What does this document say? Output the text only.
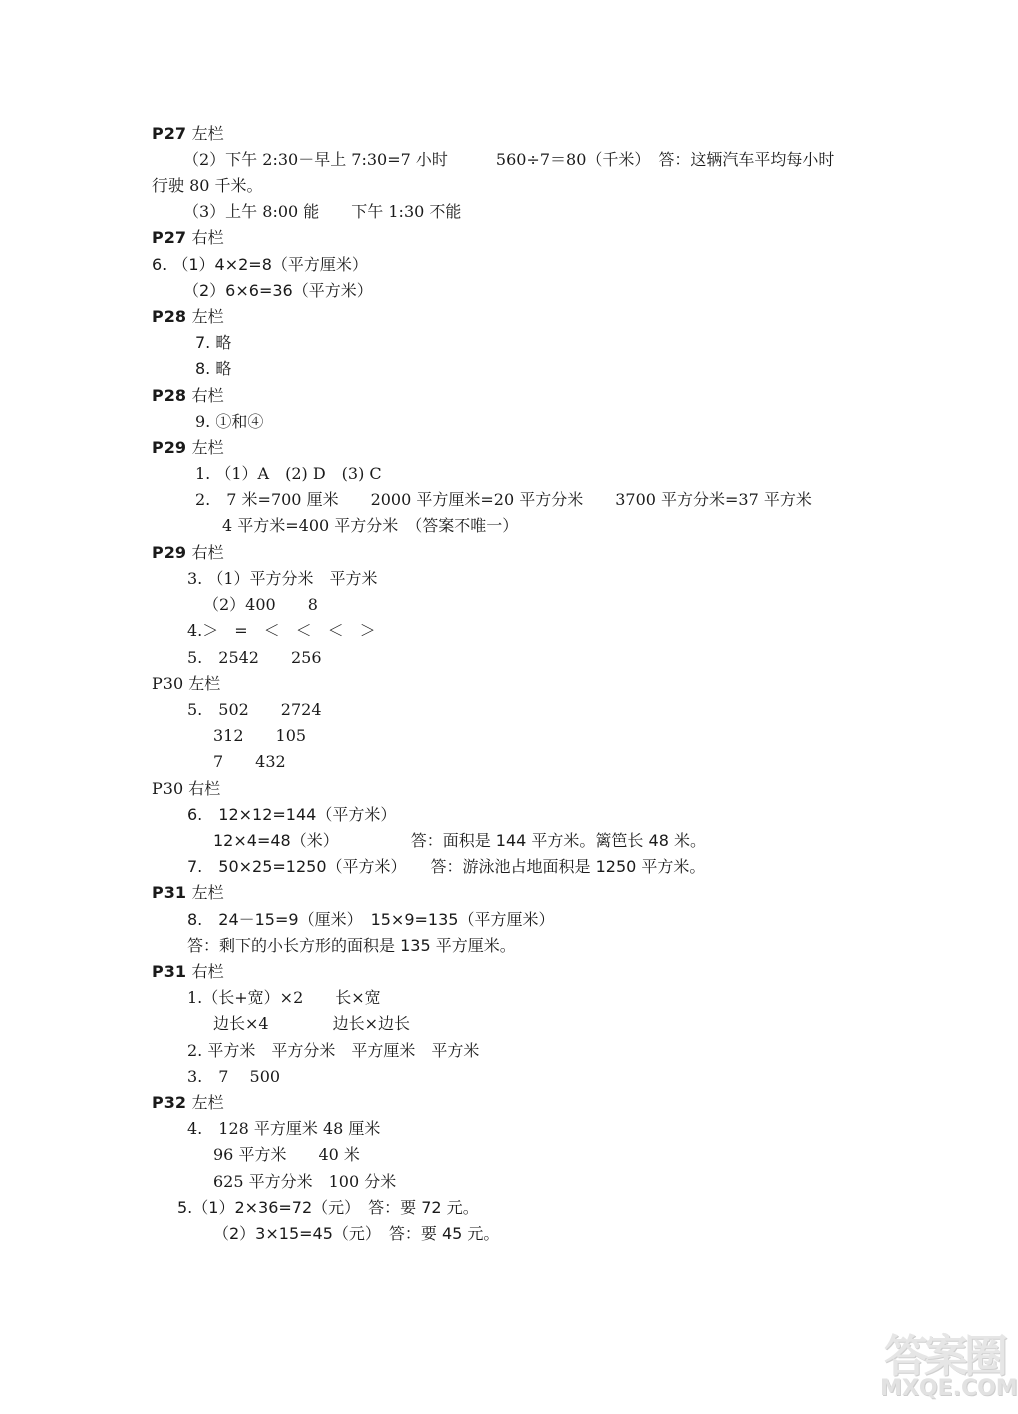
P27 左栏
（2）下午 2:30－早上 7:30=7 小时　　　560÷7＝80（千米）　答：这辆汽车平均每小时
行驶 80 千米。
（3）上午 8:00 能　　下午 1:30 不能
P27 右栏
6. （1）4×2=8（平方厘米）
（2）6×6=36（平方米）
P28 左栏
7. 略
8. 略
P28 右栏
9. ①和④
P29 左栏
1. （1）A　(2) D　(3) C
2.　7 米=700 厘米　　2000 平方厘米=20 平方分米　　3700 平方分米=37 平方米
4 平方米=400 平方分米　（答案不唯一）
P29 右栏
3. （1）平方分米　平方米
（2）400　　8
4.＞　=　＜　＜　＜　＞
5.　2542　　256
P30 左栏
5.　502　　2724
312　　105
7　　432
P30 右栏
6.　12×12=144（平方米）
12×4=48（米）　　　　　答：面积是 144 平方米。篱笆长 48 米。
7.　50×25=1250（平方米）　　答：游泳池占地面积是 1250 平方米。
P31 左栏
8.　24－15=9（厘米）　15×9=135（平方厘米）
答：剩下的小长方形的面积是 135 平方厘米。
P31 右栏
1.（长+宽）×2　　长×宽
边长×4　　　　边长×边长
2. 平方米　平方分米　平方厘米　平方米
3.　7　 500
P32 左栏
4.　128 平方厘米 48 厘米
96 平方米　　40 米
625 平方分米　100 分米
5.（1）2×36=72（元）　答：要 72 元。
（2）3×15=45（元）　答：要 45 元。
答案圈
MXQE.COM
